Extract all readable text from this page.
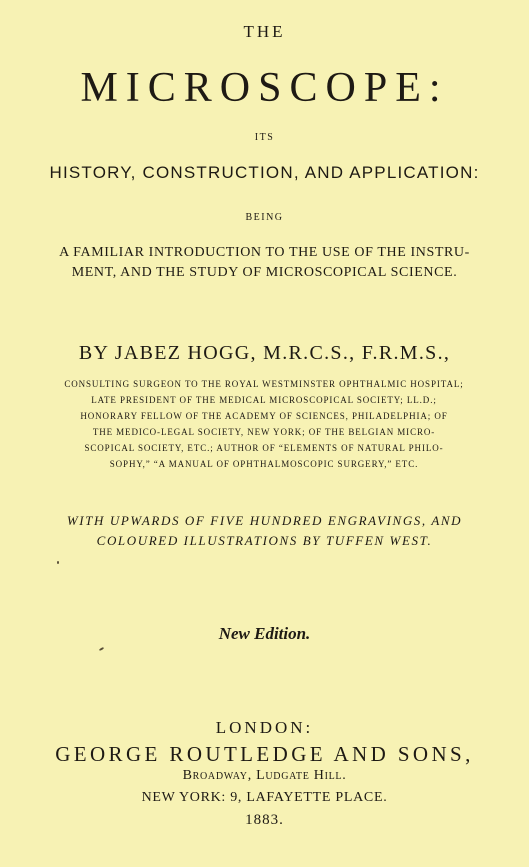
THE
MICROSCOPE:
ITS
HISTORY, CONSTRUCTION, AND APPLICATION:
BEING
A FAMILIAR INTRODUCTION TO THE USE OF THE INSTRU-
MENT, AND THE STUDY OF MICROSCOPICAL SCIENCE.
BY JABEZ HOGG, M.R.C.S., F.R.M.S.,
CONSULTING SURGEON TO THE ROYAL WESTMINSTER OPHTHALMIC HOSPITAL;
LATE PRESIDENT OF THE MEDICAL MICROSCOPICAL SOCIETY; LL.D.;
HONORARY FELLOW OF THE ACADEMY OF SCIENCES, PHILADELPHIA; OF
THE MEDICO-LEGAL SOCIETY, NEW YORK; OF THE BELGIAN MICRO-
SCOPICAL SOCIETY, ETC.; AUTHOR OF “ELEMENTS OF NATURAL PHILO-
SOPHY,” “A MANUAL OF OPHTHALMOSCOPIC SURGERY,” ETC.
WITH UPWARDS OF FIVE HUNDRED ENGRAVINGS, AND
COLOURED ILLUSTRATIONS BY TUFFEN WEST.
New Edition.
LONDON:
GEORGE ROUTLEDGE AND SONS,
Broadway, Ludgate Hill.
NEW YORK: 9, LAFAYETTE PLACE.
1883.
